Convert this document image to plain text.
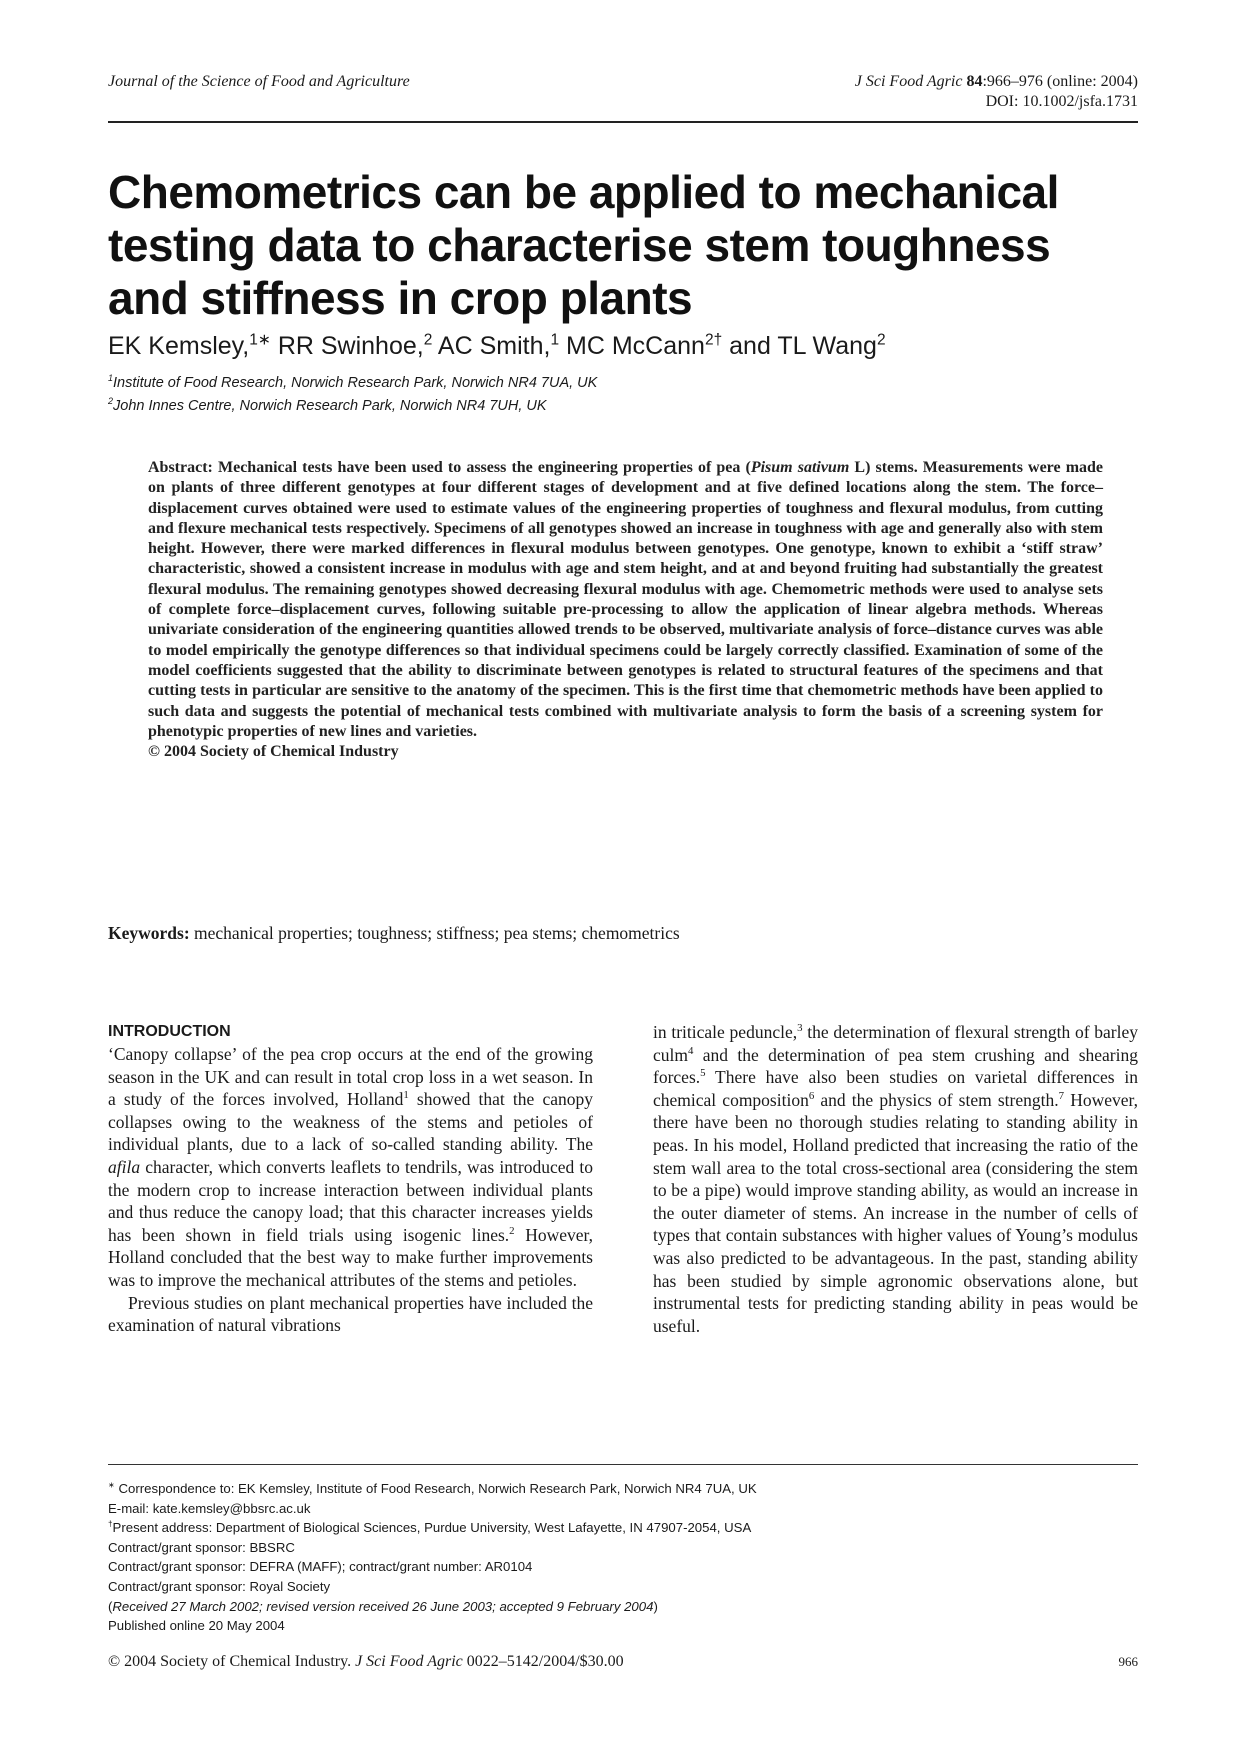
Journal of the Science of Food and Agriculture	J Sci Food Agric 84:966–976 (online: 2004)
DOI: 10.1002/jsfa.1731
Chemometrics can be applied to mechanical testing data to characterise stem toughness and stiffness in crop plants
EK Kemsley,$^{1∗}$ RR Swinhoe,$^2$ AC Smith,$^1$ MC McCann$^{2\dagger}$ and TL Wang$^2$
$^1$Institute of Food Research, Norwich Research Park, Norwich NR4 7UA, UK
$^2$John Innes Centre, Norwich Research Park, Norwich NR4 7UH, UK

Abstract: Mechanical tests have been used to assess the engineering properties of pea (Pisum sativum L) stems. Measurements were made on plants of three different genotypes at four different stages of development and at five defined locations along the stem. The force–displacement curves obtained were used to estimate values of the engineering properties of toughness and flexural modulus, from cutting and flexure mechanical tests respectively. Specimens of all genotypes showed an increase in toughness with age and generally also with stem height. However, there were marked differences in flexural modulus between genotypes. One genotype, known to exhibit a ‘stiff straw’ characteristic, showed a consistent increase in modulus with age and stem height, and at and beyond fruiting had substantially the greatest flexural modulus. The remaining genotypes showed decreasing flexural modulus with age. Chemometric methods were used to analyse sets of complete force–displacement curves, following suitable pre-processing to allow the application of linear algebra methods. Whereas univariate consideration of the engineering quantities allowed trends to be observed, multivariate analysis of force–distance curves was able to model empirically the genotype differences so that individual specimens could be largely correctly classified. Examination of some of the model coefficients suggested that the ability to discriminate between genotypes is related to structural features of the specimens and that cutting tests in particular are sensitive to the anatomy of the specimen. This is the first time that chemometric methods have been applied to such data and suggests the potential of mechanical tests combined with multivariate analysis to form the basis of a screening system for phenotypic properties of new lines and varieties.
© 2004 Society of Chemical Industry

Keywords: mechanical properties; toughness; stiffness; pea stems; chemometrics
INTRODUCTION

‘Canopy collapse’ of the pea crop occurs at the end of the growing season in the UK and can result in total crop loss in a wet season. In a study of the forces involved, Holland$^1$ showed that the canopy collapses owing to the weakness of the stems and petioles of individual plants, due to a lack of so-called standing ability. The afila character, which converts leaflets to tendrils, was introduced to the modern crop to increase interaction between individual plants and thus reduce the canopy load; that this character increases yields has been shown in field trials using isogenic lines.$^2$ However, Holland concluded that the best way to make further improvements was to improve the mechanical attributes of the stems and petioles.

Previous studies on plant mechanical properties have included the examination of natural vibrations

in triticale peduncle,$^3$ the determination of flexural strength of barley culm$^4$ and the determination of pea stem crushing and shearing forces.$^5$ There have also been studies on varietal differences in chemical composition$^6$ and the physics of stem strength.$^7$ However, there have been no thorough studies relating to standing ability in peas. In his model, Holland predicted that increasing the ratio of the stem wall area to the total cross-sectional area (considering the stem to be a pipe) would improve standing ability, as would an increase in the outer diameter of stems. An increase in the number of cells of types that contain substances with higher values of Young’s modulus was also predicted to be advantageous. In the past, standing ability has been studied by simple agronomic observations alone, but instrumental tests for predicting standing ability in peas would be useful.

∗ Correspondence to: EK Kemsley, Institute of Food Research, Norwich Research Park, Norwich NR4 7UA, UK
E-mail: kate.kemsley@bbsrc.ac.uk
†Present address: Department of Biological Sciences, Purdue University, West Lafayette, IN 47907-2054, USA
Contract/grant sponsor: BBSRC
Contract/grant sponsor: DEFRA (MAFF); contract/grant number: AR0104
Contract/grant sponsor: Royal Society
(Received 27 March 2002; revised version received 26 June 2003; accepted 9 February 2004)
Published online 20 May 2004
© 2004 Society of Chemical Industry. J Sci Food Agric 0022–5142/2004/$30.00	966
